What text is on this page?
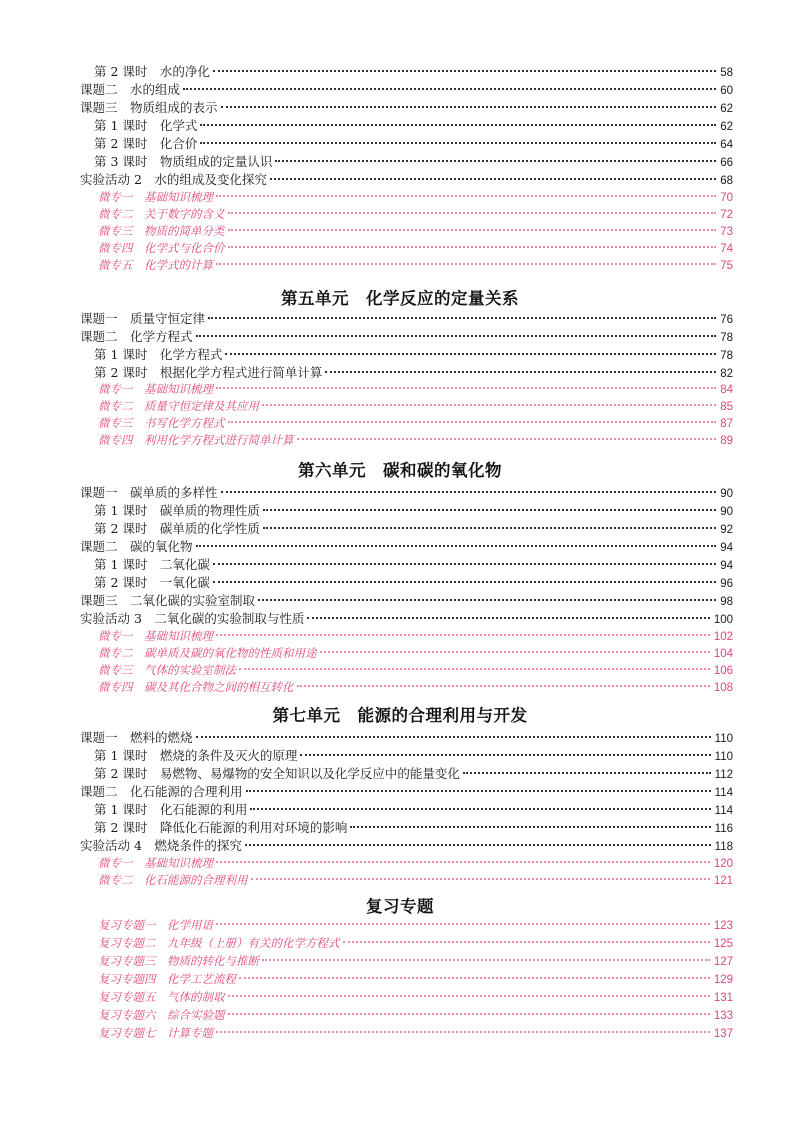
第 2 课时　水的净化	58
课题二　水的组成	60
课题三　物质组成的表示	62
第 1 课时　化学式	62
第 2 课时　化合价	64
第 3 课时　物质组成的定量认识	66
实验活动 2　水的组成及变化探究	68
微专一　基础知识梳理	70
微专二　关于数字的含义	72
微专三　物质的简单分类	73
微专四　化学式与化合价	74
微专五　化学式的计算	75
第五单元　化学反应的定量关系
课题一　质量守恒定律	76
课题二　化学方程式	78
第 1 课时　化学方程式	78
第 2 课时　根据化学方程式进行简单计算	82
微专一　基础知识梳理	84
微专二　质量守恒定律及其应用	85
微专三　书写化学方程式	87
微专四　利用化学方程式进行简单计算	89
第六单元　碳和碳的氧化物
课题一　碳单质的多样性	90
第 1 课时　碳单质的物理性质	90
第 2 课时　碳单质的化学性质	92
课题二　碳的氧化物	94
第 1 课时　二氧化碳	94
第 2 课时　一氧化碳	96
课题三　二氧化碳的实验室制取	98
实验活动 3　二氧化碳的实验制取与性质	100
微专一　基础知识梳理	102
微专二　碳单质及碳的氧化物的性质和用途	104
微专三　气体的实验室制法	106
微专四　碳及其化合物之间的相互转化	108
第七单元　能源的合理利用与开发
课题一　燃料的燃烧	110
第 1 课时　燃烧的条件及灭火的原理	110
第 2 课时　易燃物、易爆物的安全知识以及化学反应中的能量变化	112
课题二　化石能源的合理利用	114
第 1 课时　化石能源的利用	114
第 2 课时　降低化石能源的利用对环境的影响	116
实验活动 4　燃烧条件的探究	118
微专一　基础知识梳理	120
微专二　化石能源的合理利用	121
复习专题
复习专题一　化学用语	123
复习专题二　九年级（上册）有关的化学方程式	125
复习专题三　物质的转化与推断	127
复习专题四　化学工艺流程	129
复习专题五　气体的制取	131
复习专题六　综合实验题	133
复习专题七　计算专题	137
